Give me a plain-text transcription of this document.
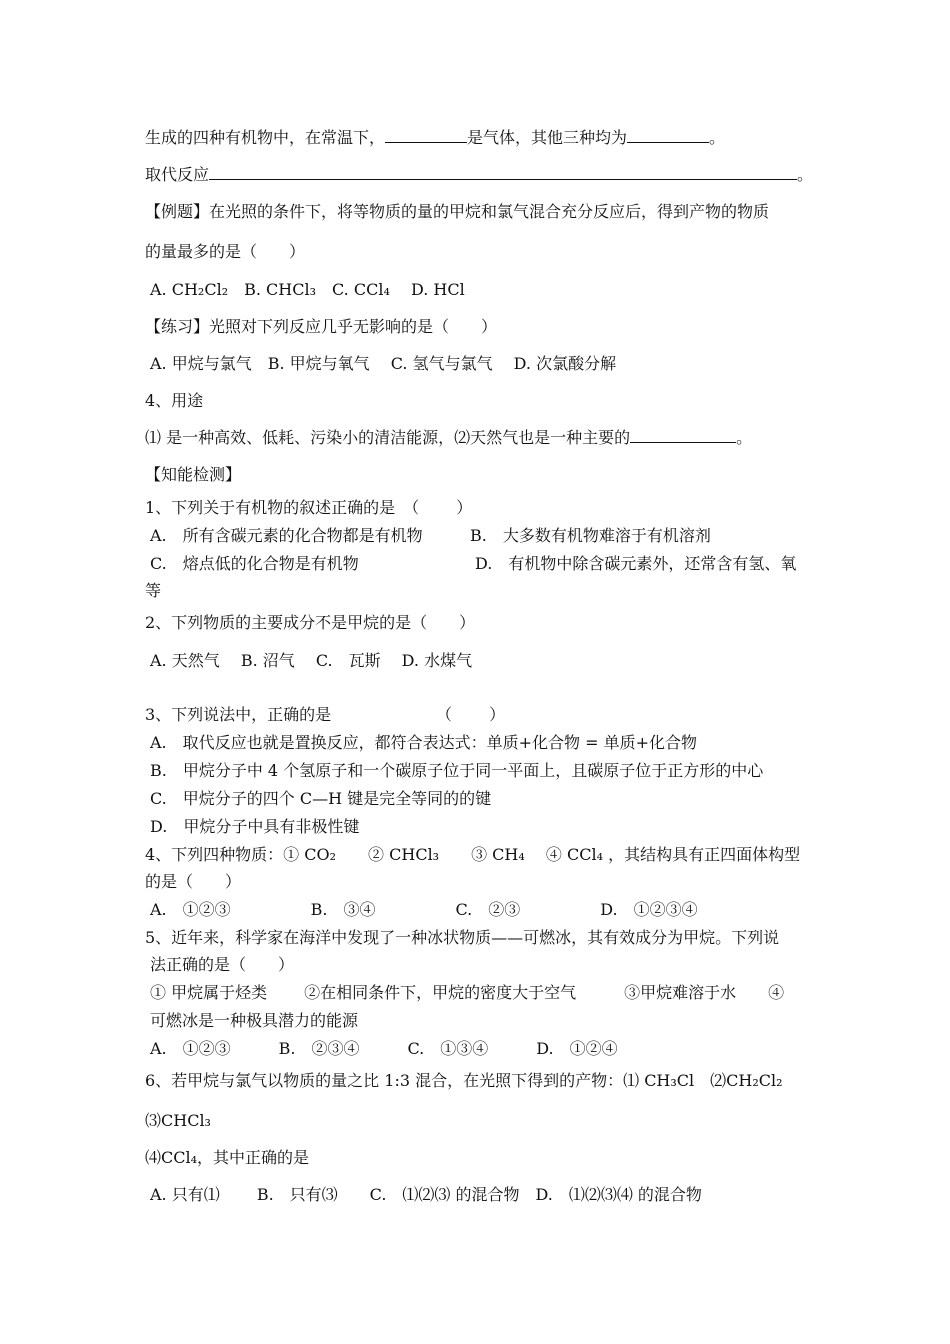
生成的四种有机物中，在常温下，	是气体，其他三种均为	。
取代反应	。
【例题】在光照的条件下，将等物质的量的甲烷和氯气混合充分反应后，得到产物的物质
的量最多的是（　　）
A. CH₂Cl₂　B. CHCl₃　C. CCl₄　 D. HCl
【练习】光照对下列反应几乎无影响的是（　　）
A. 甲烷与氯气　B. 甲烷与氧气　 C. 氢气与氯气　 D. 次氯酸分解
4、用途
⑴ 是一种高效、低耗、污染小的清洁能源，⑵天然气也是一种主要的	。
【知能检测】
1、下列关于有机物的叙述正确的是　（　　 ）
A.　所有含碳元素的化合物都是有机物	B.　大多数有机物难溶于有机溶剂
C.　熔点低的化合物是有机物	D.　有机物中除含碳元素外，还常含有氢、氧
等
2、下列物质的主要成分不是甲烷的是（　　）
A. 天然气　 B. 沼气　 C.　瓦斯　 D. 水煤气
3、下列说法中，正确的是	（　　 ）
A.　取代反应也就是置换反应，都符合表达式：单质+化合物 = 单质+化合物
B.　甲烷分子中 4 个氢原子和一个碳原子位于同一平面上，且碳原子位于正方形的中心
C.　甲烷分子的四个 C—H 键是完全等同的的键
D.　甲烷分子中具有非极性键
4、下列四种物质：① CO₂　　② CHCl₃　　③ CH₄　 ④ CCl₄ ，其结构具有正四面体构型
的是（　　）
A.　①②③　　　　　B.　③④　　　　　C.　②③　　　　　D.　①②③④
5、近年来，科学家在海洋中发现了一种冰状物质——可燃冰，其有效成分为甲烷。下列说
法正确的是（　　）
① 甲烷属于烃类　　 ②在相同条件下，甲烷的密度大于空气　　　③甲烷难溶于水　　④
可燃冰是一种极具潜力的能源
A.　①②③　　　B.　②③④　　　C.　①③④　　　D.　①②④
6、若甲烷与氯气以物质的量之比 1:3 混合，在光照下得到的产物：⑴ CH₃Cl　⑵CH₂Cl₂
⑶CHCl₃
⑷CCl₄，其中正确的是
A. 只有⑴　　 B.　只有⑶　　C.　⑴⑵⑶ 的混合物　D.　⑴⑵⑶⑷ 的混合物
